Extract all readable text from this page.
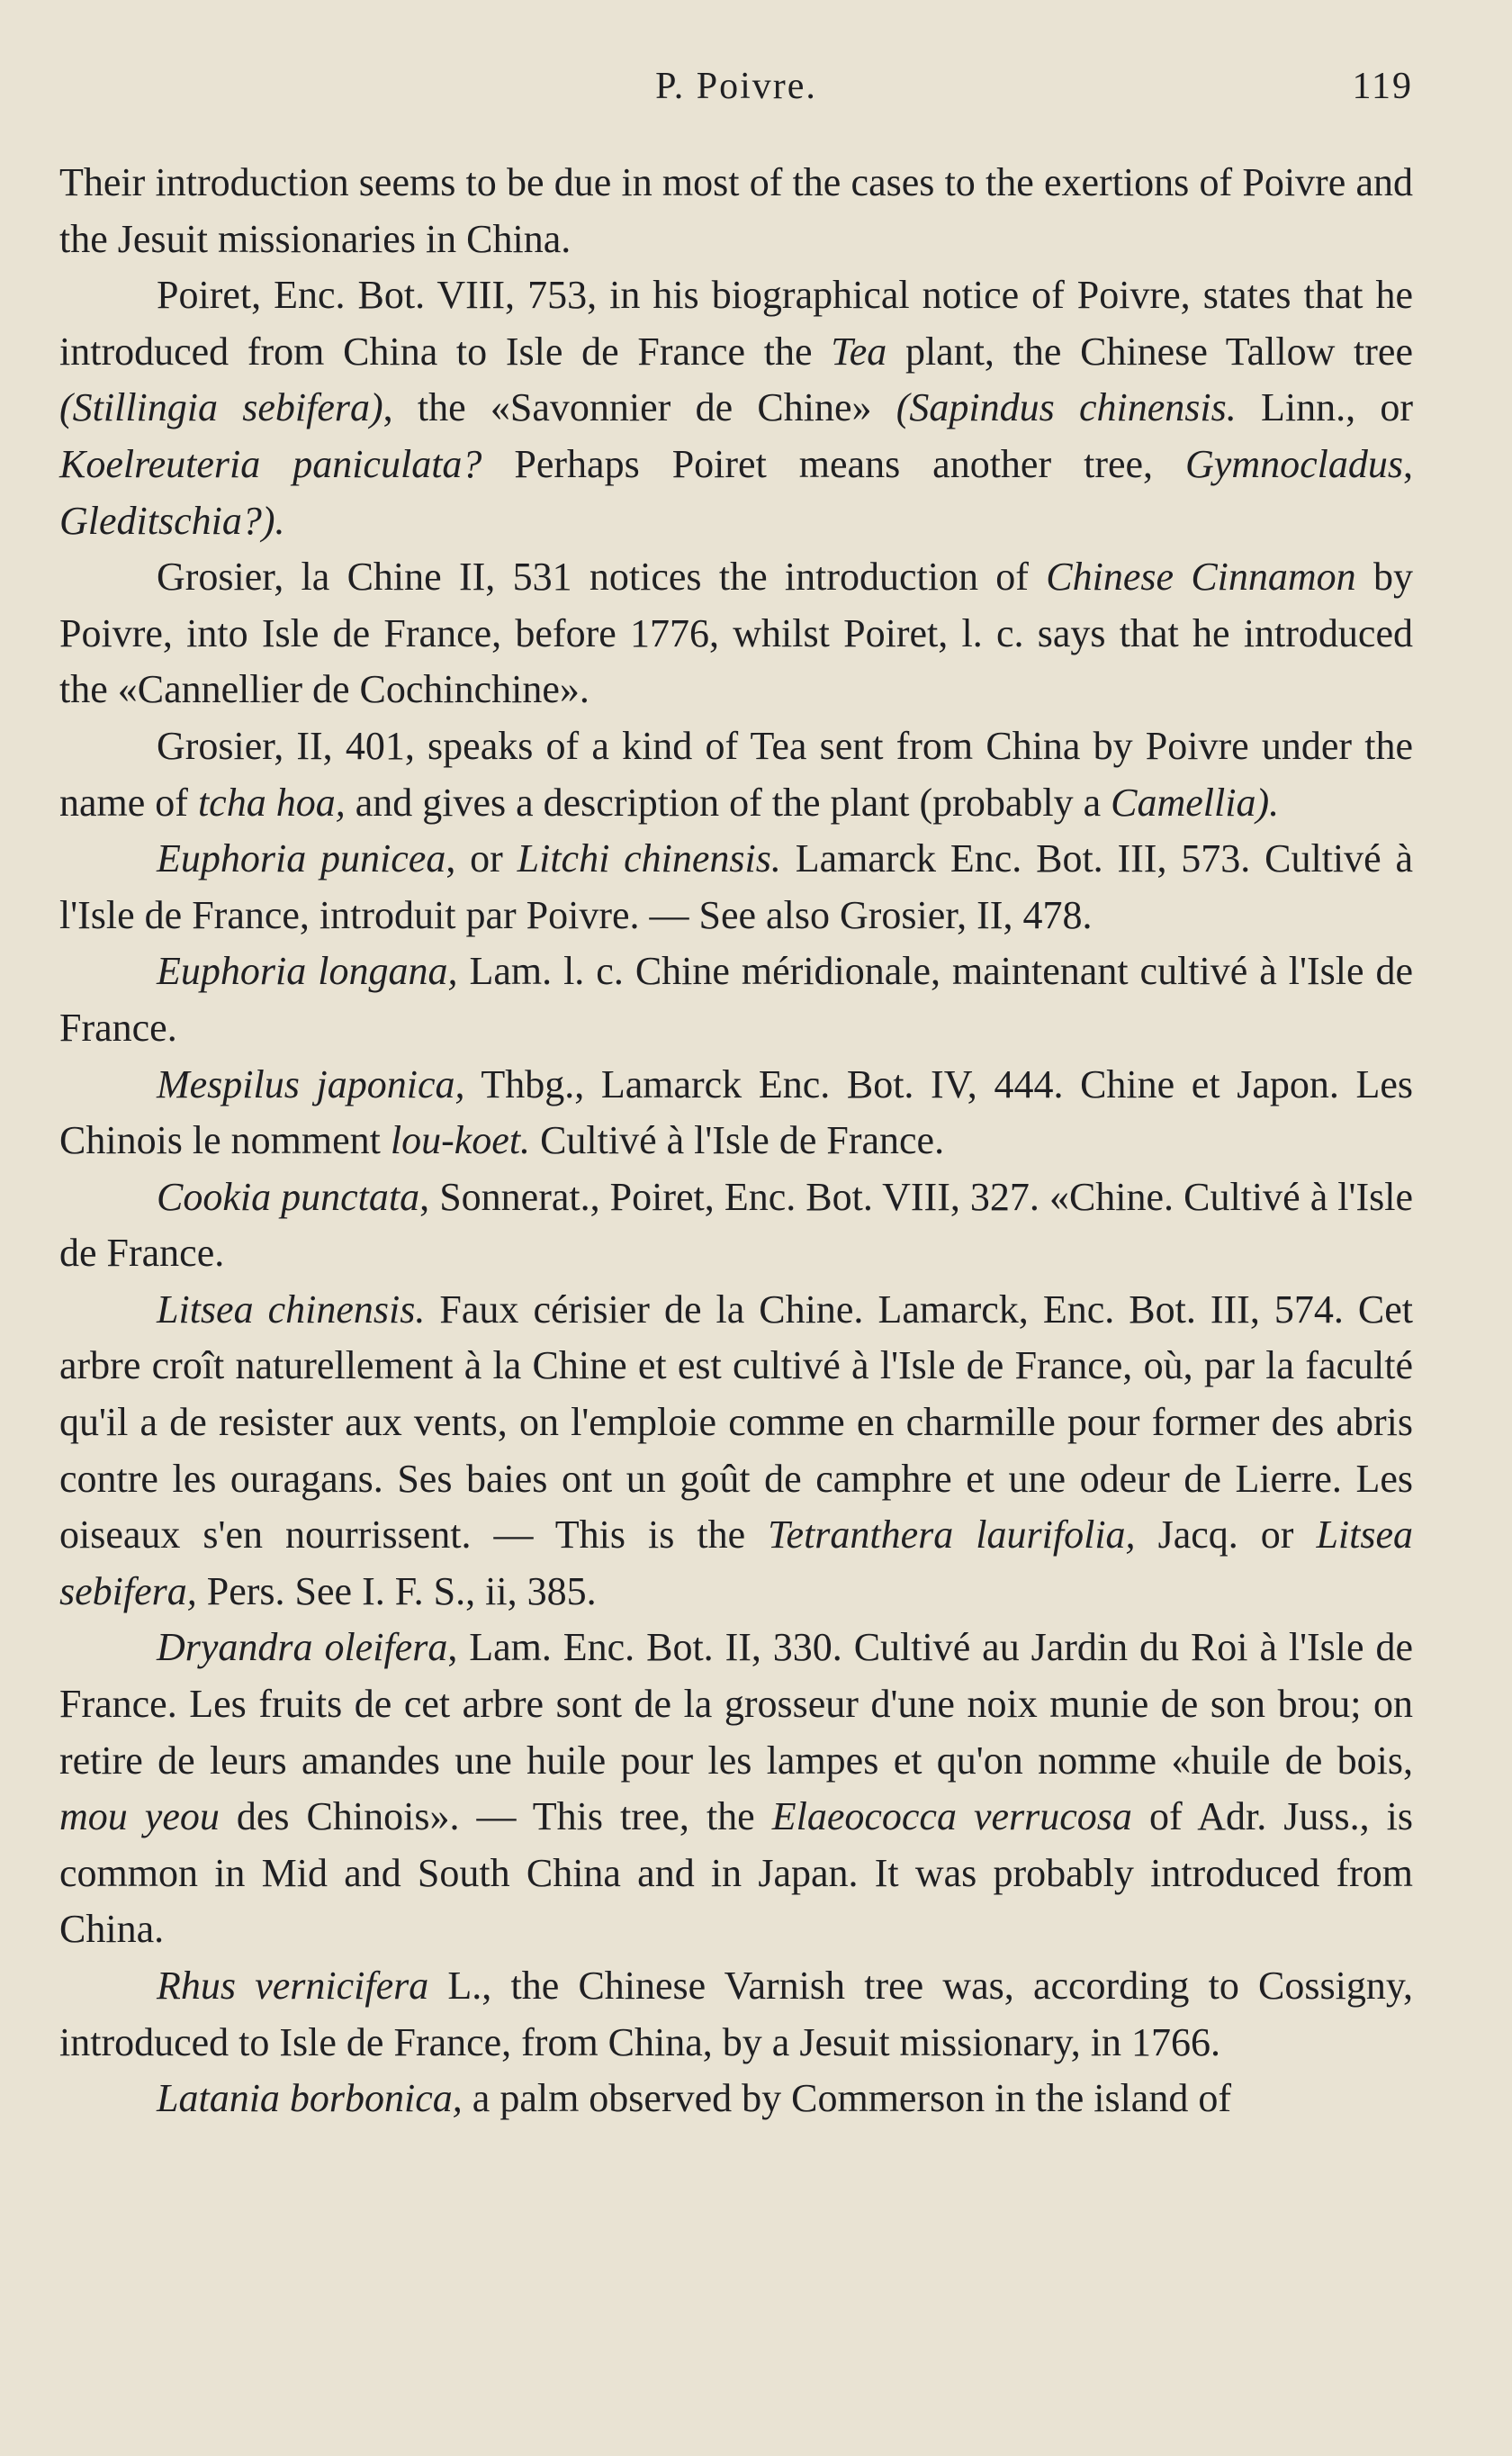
P. Poivre.	119

Their introduction seems to be due in most of the cases to the exertions of Poivre and the Jesuit missionaries in China.

Poiret, Enc. Bot. VIII, 753, in his biographical notice of Poivre, states that he introduced from China to Isle de France the Tea plant, the Chinese Tallow tree (Stillingia sebifera), the «Savonnier de Chine» (Sapindus chinensis. Linn., or Koelreuteria paniculata? Perhaps Poiret means another tree, Gymnocladus, Gleditschia?).

Grosier, la Chine II, 531 notices the introduction of Chinese Cinnamon by Poivre, into Isle de France, before 1776, whilst Poiret, l. c. says that he introduced the «Cannellier de Cochinchine».

Grosier, II, 401, speaks of a kind of Tea sent from China by Poivre under the name of tcha hoa, and gives a description of the plant (probably a Camellia).

Euphoria punicea, or Litchi chinensis. Lamarck Enc. Bot. III, 573. Cultivé à l'Isle de France, introduit par Poivre. — See also Grosier, II, 478.

Euphoria longana, Lam. l. c. Chine méridionale, maintenant cultivé à l'Isle de France.

Mespilus japonica, Thbg., Lamarck Enc. Bot. IV, 444. Chine et Japon. Les Chinois le nomment lou-koet. Cultivé à l'Isle de France.

Cookia punctata, Sonnerat., Poiret, Enc. Bot. VIII, 327. «Chine. Cultivé à l'Isle de France.

Litsea chinensis. Faux cérisier de la Chine. Lamarck, Enc. Bot. III, 574. Cet arbre croît naturellement à la Chine et est cultivé à l'Isle de France, où, par la faculté qu'il a de resister aux vents, on l'emploie comme en charmille pour former des abris contre les ouragans. Ses baies ont un goût de camphre et une odeur de Lierre. Les oiseaux s'en nourrissent. — This is the Tetranthera laurifolia, Jacq. or Litsea sebifera, Pers. See I. F. S., ii, 385.

Dryandra oleifera, Lam. Enc. Bot. II, 330. Cultivé au Jardin du Roi à l'Isle de France. Les fruits de cet arbre sont de la grosseur d'une noix munie de son brou; on retire de leurs amandes une huile pour les lampes et qu'on nomme «huile de bois, mou yeou des Chinois». — This tree, the Elaeococca verrucosa of Adr. Juss., is common in Mid and South China and in Japan. It was probably introduced from China.

Rhus vernicifera L., the Chinese Varnish tree was, according to Cossigny, introduced to Isle de France, from China, by a Jesuit missionary, in 1766.

Latania borbonica, a palm observed by Commerson in the island of
